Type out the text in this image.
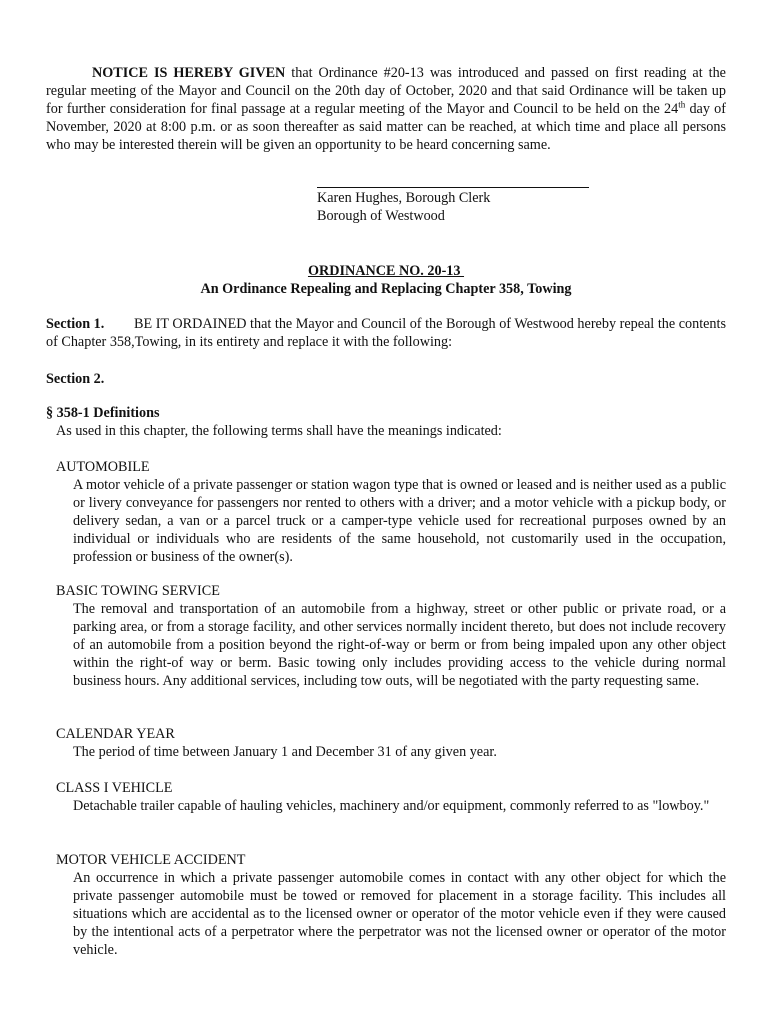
NOTICE IS HEREBY GIVEN that Ordinance #20-13 was introduced and passed on first reading at the regular meeting of the Mayor and Council on the 20th day of October, 2020 and that said Ordinance will be taken up for further consideration for final passage at a regular meeting of the Mayor and Council to be held on the 24th day of November, 2020 at 8:00 p.m. or as soon thereafter as said matter can be reached, at which time and place all persons who may be interested therein will be given an opportunity to be heard concerning same.

Karen Hughes, Borough Clerk

Borough of Westwood

ORDINANCE NO. 20-13

An Ordinance Repealing and Replacing Chapter 358, Towing

Section 1. BE IT ORDAINED that the Mayor and Council of the Borough of Westwood hereby repeal the contents of Chapter 358,Towing, in its entirety and replace it with the following:

Section 2.

§ 358-1 Definitions

As used in this chapter, the following terms shall have the meanings indicated:

AUTOMOBILE
A motor vehicle of a private passenger or station wagon type that is owned or leased and is neither used as a public or livery conveyance for passengers nor rented to others with a driver; and a motor vehicle with a pickup body, or delivery sedan, a van or a parcel truck or a camper-type vehicle used for recreational purposes owned by an individual or individuals who are residents of the same household, not customarily used in the occupation, profession or business of the owner(s).
BASIC TOWING SERVICE
The removal and transportation of an automobile from a highway, street or other public or private road, or a parking area, or from a storage facility, and other services normally incident thereto, but does not include recovery of an automobile from a position beyond the right-of-way or berm or from being impaled upon any other object within the right-of way or berm. Basic towing only includes providing access to the vehicle during normal business hours. Any additional services, including tow outs, will be negotiated with the party requesting same.
CALENDAR YEAR
The period of time between January 1 and December 31 of any given year.
CLASS I VEHICLE
Detachable trailer capable of hauling vehicles, machinery and/or equipment, commonly referred to as "lowboy."
MOTOR VEHICLE ACCIDENT
An occurrence in which a private passenger automobile comes in contact with any other object for which the private passenger automobile must be towed or removed for placement in a storage facility. This includes all situations which are accidental as to the licensed owner or operator of the motor vehicle even if they were caused by the intentional acts of a perpetrator where the perpetrator was not the licensed owner or operator of the motor vehicle.
